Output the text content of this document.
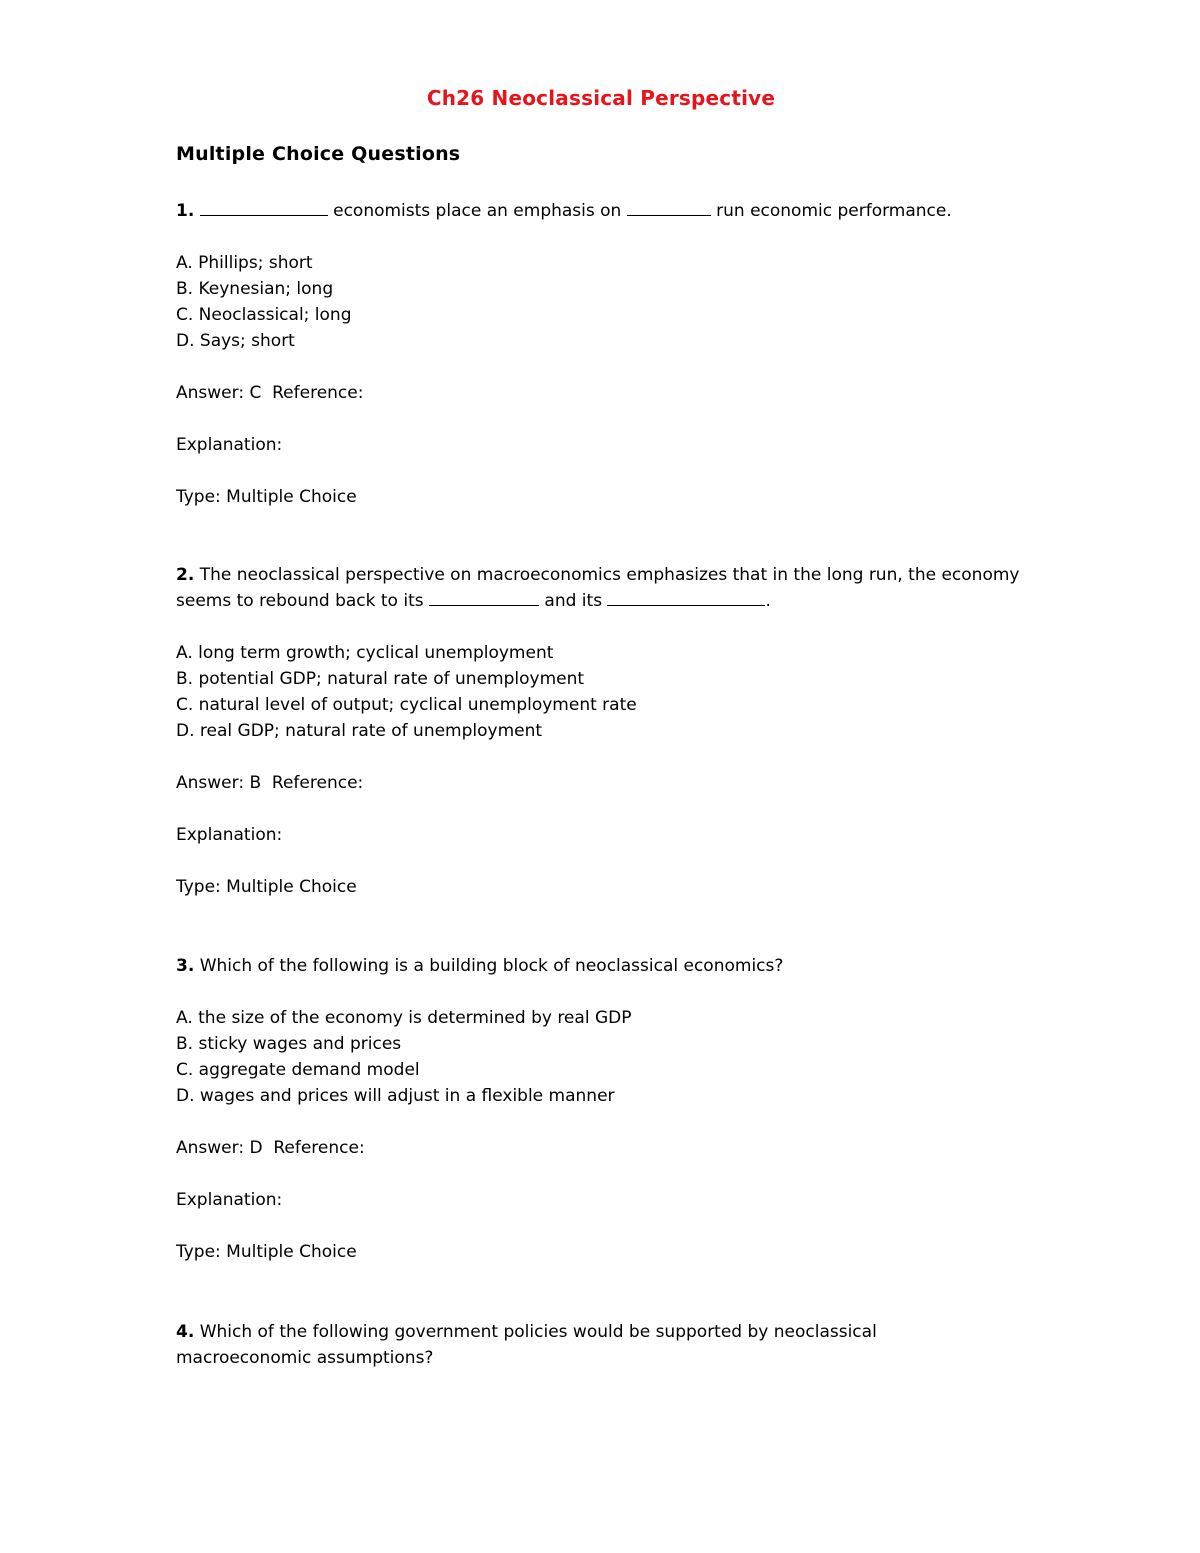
Ch26 Neoclassical Perspective
Multiple Choice Questions

1.	economists place an emphasis on	run economic performance.

A. Phillips; short

B. Keynesian; long

C. Neoclassical; long

D. Says; short

Answer: C  Reference:

Explanation:

Type: Multiple Choice

2. The neoclassical perspective on macroeconomics emphasizes that in the long run, the economy

seems to rebound back to its	and its	.

A. long term growth; cyclical unemployment

B. potential GDP; natural rate of unemployment

C. natural level of output; cyclical unemployment rate

D. real GDP; natural rate of unemployment

Answer: B  Reference:

Explanation:

Type: Multiple Choice

3. Which of the following is a building block of neoclassical economics?

A. the size of the economy is determined by real GDP

B. sticky wages and prices

C. aggregate demand model

D. wages and prices will adjust in a flexible manner

Answer: D  Reference:

Explanation:

Type: Multiple Choice

4. Which of the following government policies would be supported by neoclassical

macroeconomic assumptions?
